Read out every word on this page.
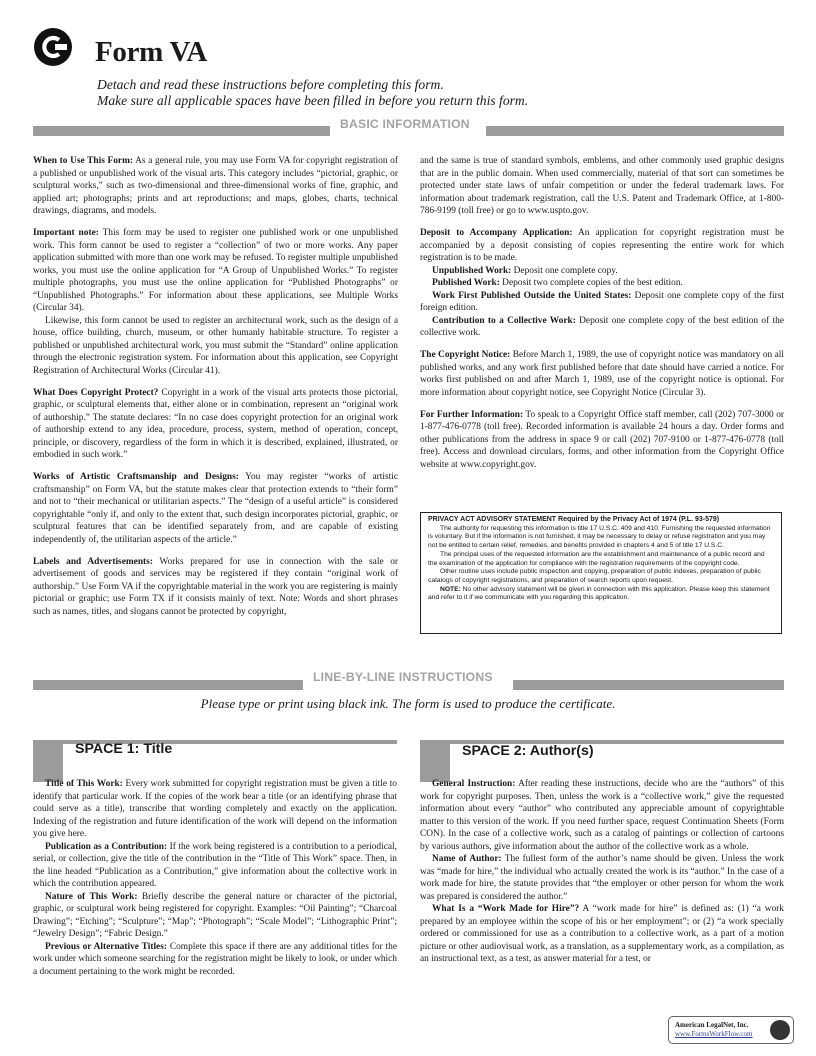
Form VA
Detach and read these instructions before completing this form.
Make sure all applicable spaces have been filled in before you return this form.
BASIC INFORMATION

When to Use This Form: As a general rule, you may use Form VA for copyright registration of a published or unpublished work of the visual arts. This category includes “pictorial, graphic, or sculptural works,” such as two-dimensional and three-dimensional works of fine, graphic, and applied art; photographs; prints and art reproductions; and maps, globes, charts, technical drawings, diagrams, and models.

Important note: This form may be used to register one published work or one unpublished work. This form cannot be used to register a “collection” of two or more works. Any paper application submitted with more than one work may be refused. To register multiple unpublished works, you must use the online application for “A Group of Unpublished Works.” To register multiple photographs, you must use the online application for “Published Photographs” or “Unpublished Photographs.” For information about these applications, see Multiple Works (Circular 34).

Likewise, this form cannot be used to register an architectural work, such as the design of a house, office building, church, museum, or other humanly habitable structure. To register a published or unpublished architectural work, you must submit the “Standard” online application through the electronic registration system. For information about this application, see Copyright Registration of Architectural Works (Circular 41).

What Does Copyright Protect? Copyright in a work of the visual arts protects those pictorial, graphic, or sculptural elements that, either alone or in combination, represent an “original work of authorship.” The statute declares: “In no case does copyright protection for an original work of authorship extend to any idea, procedure, process, system, method of operation, concept, principle, or discovery, regardless of the form in which it is described, explained, illustrated, or embodied in such work.”

Works of Artistic Craftsmanship and Designs: You may register “works of artistic craftsmanship” on Form VA, but the statute makes clear that protection extends to “their form” and not to “their mechanical or utilitarian aspects.” The “design of a useful article” is considered copyrightable “only if, and only to the extent that, such design incorporates pictorial, graphic, or sculptural features that can be identified separately from, and are capable of existing independently of, the utilitarian aspects of the article.”

Labels and Advertisements: Works prepared for use in connection with the sale or advertisement of goods and services may be registered if they contain “original work of authorship.” Use Form VA if the copyrightable material in the work you are registering is mainly pictorial or graphic; use Form TX if it consists mainly of text. Note: Words and short phrases such as names, titles, and slogans cannot be protected by copyright,

and the same is true of standard symbols, emblems, and other commonly used graphic designs that are in the public domain. When used commercially, material of that sort can sometimes be protected under state laws of unfair competition or under the federal trademark laws. For information about trademark registration, call the U.S. Patent and Trademark Office, at 1-800-786-9199 (toll free) or go to www.uspto.gov.

Deposit to Accompany Application: An application for copyright registration must be accompanied by a deposit consisting of copies representing the entire work for which registration is to be made.

Unpublished Work: Deposit one complete copy.

Published Work: Deposit two complete copies of the best edition.

Work First Published Outside the United States: Deposit one complete copy of the first foreign edition.

Contribution to a Collective Work: Deposit one complete copy of the best edition of the collective work.

The Copyright Notice: Before March 1, 1989, the use of copyright notice was mandatory on all published works, and any work first published before that date should have carried a notice. For works first published on and after March 1, 1989, use of the copyright notice is optional. For more information about copyright notice, see Copyright Notice (Circular 3).

For Further Information: To speak to a Copyright Office staff member, call (202) 707-3000 or 1-877-476-0778 (toll free). Recorded information is available 24 hours a day. Order forms and other publications from the address in space 9 or call (202) 707-9100 or 1-877-476-0778 (toll free). Access and download circulars, forms, and other information from the Copyright Office website at www.copyright.gov.

PRIVACY ACT ADVISORY STATEMENT Required by the Privacy Act of 1974 (P.L. 93-579)

The authority for requesting this information is title 17 U.S.C. 409 and 410. Furnishing the requested information is voluntary. But if the information is not furnished, it may be necessary to delay or refuse registration and you may not be entitled to certain relief, remedies, and benefits provided in chapters 4 and 5 of title 17 U.S.C.

The principal uses of the requested information are the establishment and maintenance of a public record and the examination of the application for compliance with the registration requirements of the copyright code.

Other routine uses include public inspection and copying, preparation of public indexes, preparation of public catalogs of copyright registrations, and preparation of search reports upon request.

NOTE: No other advisory statement will be given in connection with this application. Please keep this statement and refer to it if we communicate with you regarding this application.

LINE-BY-LINE INSTRUCTIONS
Please type or print using black ink. The form is used to produce the certificate.
SPACE 1: Title

Title of This Work: Every work submitted for copyright registration must be given a title to identify that particular work. If the copies of the work bear a title (or an identifying phrase that could serve as a title), transcribe that wording completely and exactly on the application. Indexing of the registration and future identification of the work will depend on the information you give here.

Publication as a Contribution: If the work being registered is a contribution to a periodical, serial, or collection, give the title of the contribution in the “Title of This Work” space. Then, in the line headed “Publication as a Contribution,” give information about the collective work in which the contribution appeared.

Nature of This Work: Briefly describe the general nature or character of the pictorial, graphic, or sculptural work being registered for copyright. Examples: “Oil Painting”; “Charcoal Drawing”; “Etching”; “Sculpture”; “Map”; “Photograph”; “Scale Model”; “Lithographic Print”; “Jewelry Design”; “Fabric Design.”

Previous or Alternative Titles: Complete this space if there are any additional titles for the work under which someone searching for the registration might be likely to look, or under which a document pertaining to the work might be recorded.

SPACE 2: Author(s)

General Instruction: After reading these instructions, decide who are the “authors” of this work for copyright purposes. Then, unless the work is a “collective work,” give the requested information about every “author” who contributed any appreciable amount of copyrightable matter to this version of the work. If you need further space, request Continuation Sheets (Form CON). In the case of a collective work, such as a catalog of paintings or collection of cartoons by various authors, give information about the author of the collective work as a whole.

Name of Author: The fullest form of the author’s name should be given. Unless the work was “made for hire,” the individual who actually created the work is its “author.” In the case of a work made for hire, the statute provides that “the employer or other person for whom the work was prepared is considered the author.”

What Is a “Work Made for Hire”? A “work made for hire” is defined as: (1) “a work prepared by an employee within the scope of his or her employment”; or (2) “a work specially ordered or commissioned for use as a contribution to a collective work, as a part of a motion picture or other audiovisual work, as a translation, as a supplementary work, as a compilation, as an instructional text, as a test, as answer material for a test, or

American LegalNet, Inc.
www.FormsWorkFlow.com
